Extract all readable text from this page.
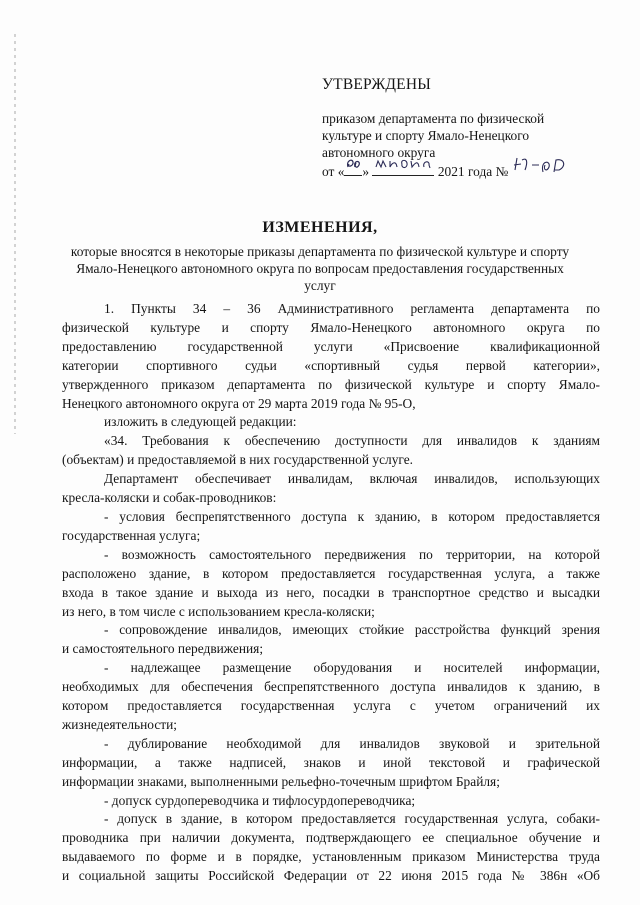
УТВЕРЖДЕНЫ
приказом департамента по физической
культуре и спорту Ямало-Ненецкого
автономного округа
от « »	2021 года №
ИЗМЕНЕНИЯ,
которые вносятся в некоторые приказы департамента по физической культуре и спорту Ямало-Ненецкого автономного округа по вопросам предоставления государственных услуг
1. Пункты 34 – 36 Административного регламента департамента по
физической культуре и спорту Ямало-Ненецкого автономного округа по
предоставлению государственной услуги «Присвоение квалификационной
категории спортивного судьи «спортивный судья первой категории»,
утвержденного приказом департамента по физической культуре и спорту Ямало-
Ненецкого автономного округа от 29 марта 2019 года № 95-О,
изложить в следующей редакции:
«34. Требования к обеспечению доступности для инвалидов к зданиям
(объектам) и предоставляемой в них государственной услуге.
Департамент обеспечивает инвалидам, включая инвалидов, использующих
кресла-коляски и собак-проводников:
- условия беспрепятственного доступа к зданию, в котором предоставляется
государственная услуга;
- возможность самостоятельного передвижения по территории, на которой
расположено здание, в котором предоставляется государственная услуга, а также
входа в такое здание и выхода из него, посадки в транспортное средство и высадки
из него, в том числе с использованием кресла-коляски;
- сопровождение инвалидов, имеющих стойкие расстройства функций зрения
и самостоятельного передвижения;
- надлежащее размещение оборудования и носителей информации,
необходимых для обеспечения беспрепятственного доступа инвалидов к зданию, в
котором предоставляется государственная услуга с учетом ограничений их
жизнедеятельности;
- дублирование необходимой для инвалидов звуковой и зрительной
информации, а также надписей, знаков и иной текстовой и графической
информации знаками, выполненными рельефно-точечным шрифтом Брайля;
- допуск сурдопереводчика и тифлосурдопереводчика;
- допуск в здание, в котором предоставляется государственная услуга, собаки-
проводника при наличии документа, подтверждающего ее специальное обучение и
выдаваемого по форме и в порядке, установленным приказом Министерства труда
и социальной защиты Российской Федерации от 22 июня 2015 года № 386н «Об
